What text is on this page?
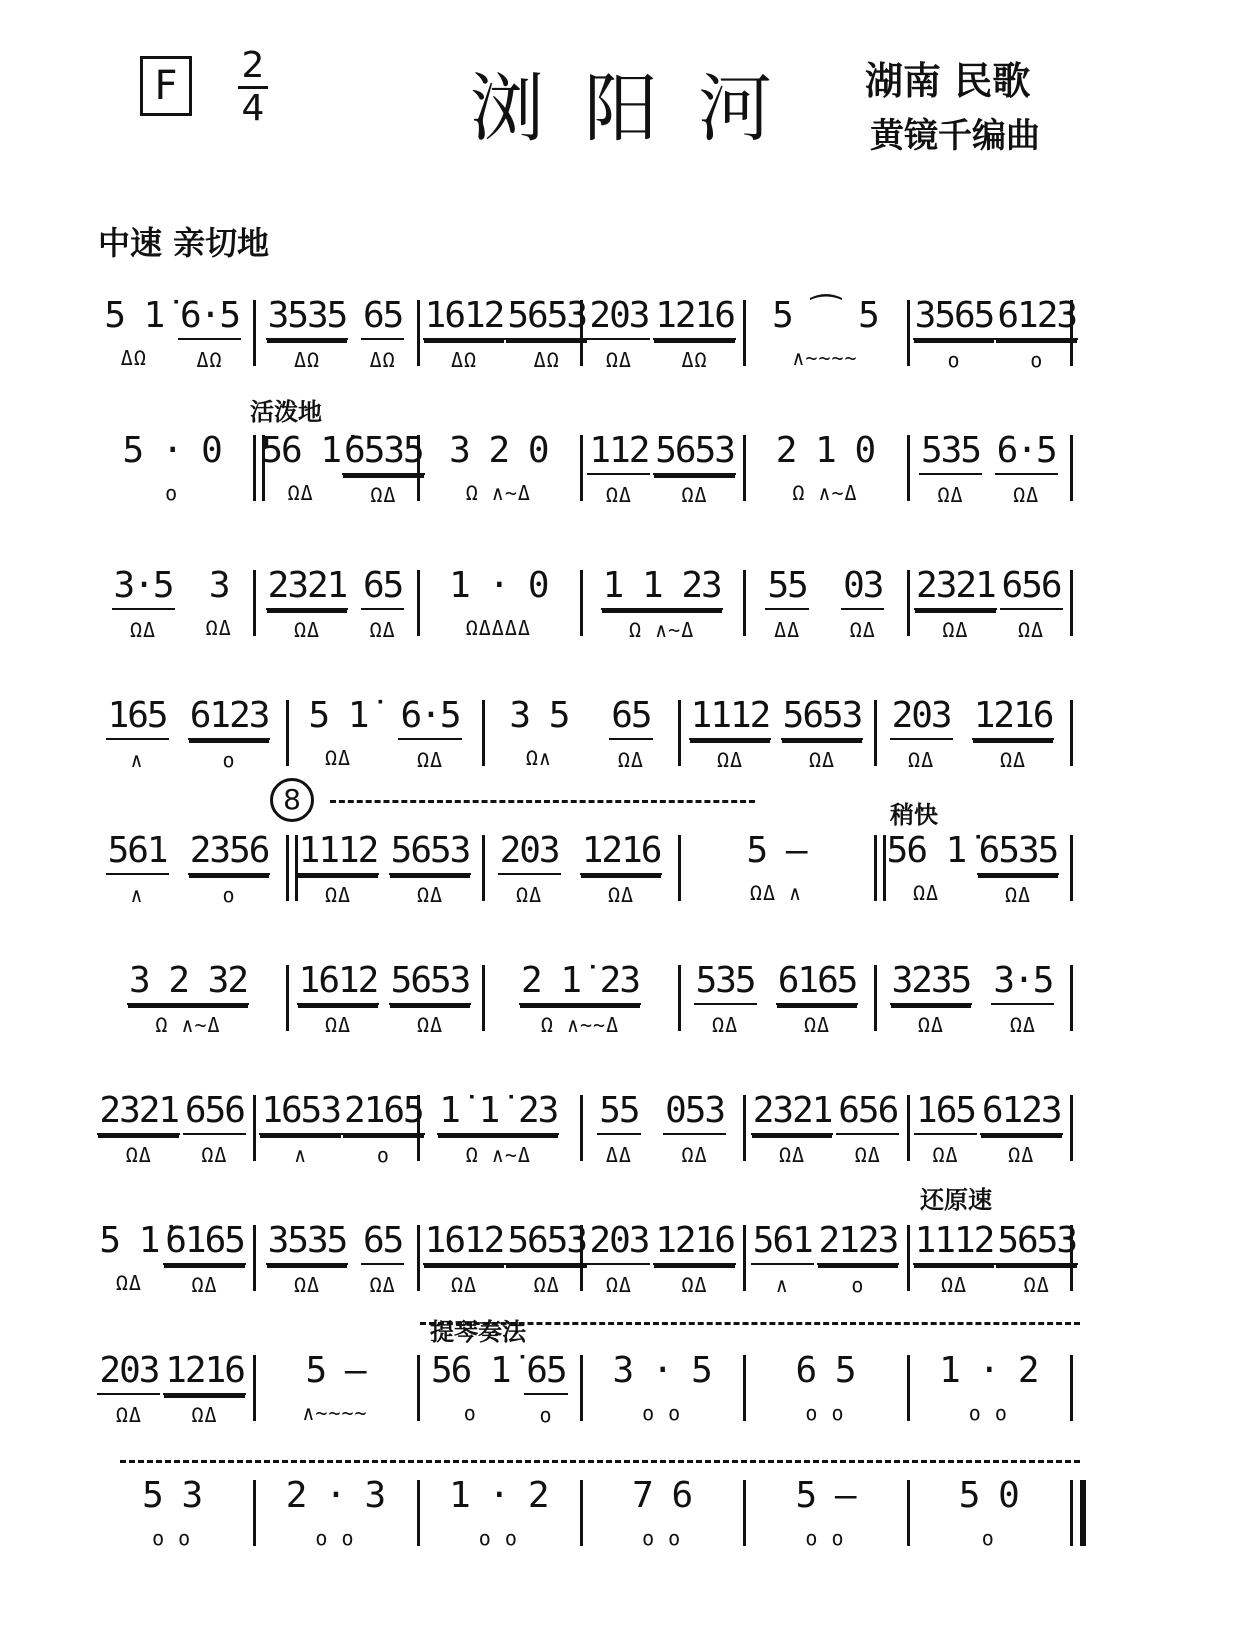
F	$\frac{2}{4}$	浏阳河 湖南 民歌
黄镜千编曲
中速 亲切地
活泼地
稍快
还原速
提琴奏法
8
5 1̇
ΔΩ
6·5
ΔΩ
3535
ΔΩ
65
ΔΩ
1612
ΔΩ
5653
ΔΩ
203
ΩΔ
1216
ΔΩ
5 ⁀ 5
∧~~~~
3565
ο
6123
ο
5 · 0
ο
56 1̇
ΩΔ
6535
ΩΔ
3 2 0
Ω ∧~Δ
112
ΩΔ
5653
ΩΔ
2 1 0
Ω ∧~Δ
535
ΩΔ
6·5
ΩΔ
3·5
ΩΔ
3
ΩΔ
2321
ΩΔ
65
ΩΔ
1 · 0
ΩΔΔΔΔ
1 1 23
Ω ∧~Δ
55
ΔΔ
03
ΩΔ
2321
ΩΔ
656
ΩΔ
165
∧
6123
ο
5 1̇
ΩΔ
6·5
ΩΔ
3 5
Ω∧
65
ΩΔ
1112
ΩΔ
5653
ΩΔ
203
ΩΔ
1216
ΩΔ
561
∧
2356
ο
1112
ΩΔ
5653
ΩΔ
203
ΩΔ
1216
ΩΔ
5 —
ΩΔ ∧
56 1̇
ΩΔ
6535
ΩΔ
3 2 32
Ω ∧~Δ
1612
ΩΔ
5653
ΩΔ
2 1̇ 23
Ω ∧~~Δ
535
ΩΔ
6165
ΩΔ
3235
ΩΔ
3·5
ΩΔ
2321
ΩΔ
656
ΩΔ
1653
∧
2165
ο
1̇ 1̇ 23
Ω ∧~Δ
55
ΔΔ
053
ΩΔ
2321
ΩΔ
656
ΩΔ
165
ΩΔ
6123
ΩΔ
5 1̇
ΩΔ
6165
ΩΔ
3535
ΩΔ
65
ΩΔ
1612
ΩΔ
5653
ΩΔ
203
ΩΔ
1216
ΩΔ
561
∧
2123
ο
1112
ΩΔ
5653
ΩΔ
203
ΩΔ
1216
ΩΔ
5 —
∧~~~~
56 1̇
ο
65
ο
3 · 5
ο ο
6 5
ο ο
1 · 2
ο ο
5 3
ο ο
2 · 3
ο ο
1 · 2
ο ο
7 6
ο ο
5 —
ο ο
5 0
ο
